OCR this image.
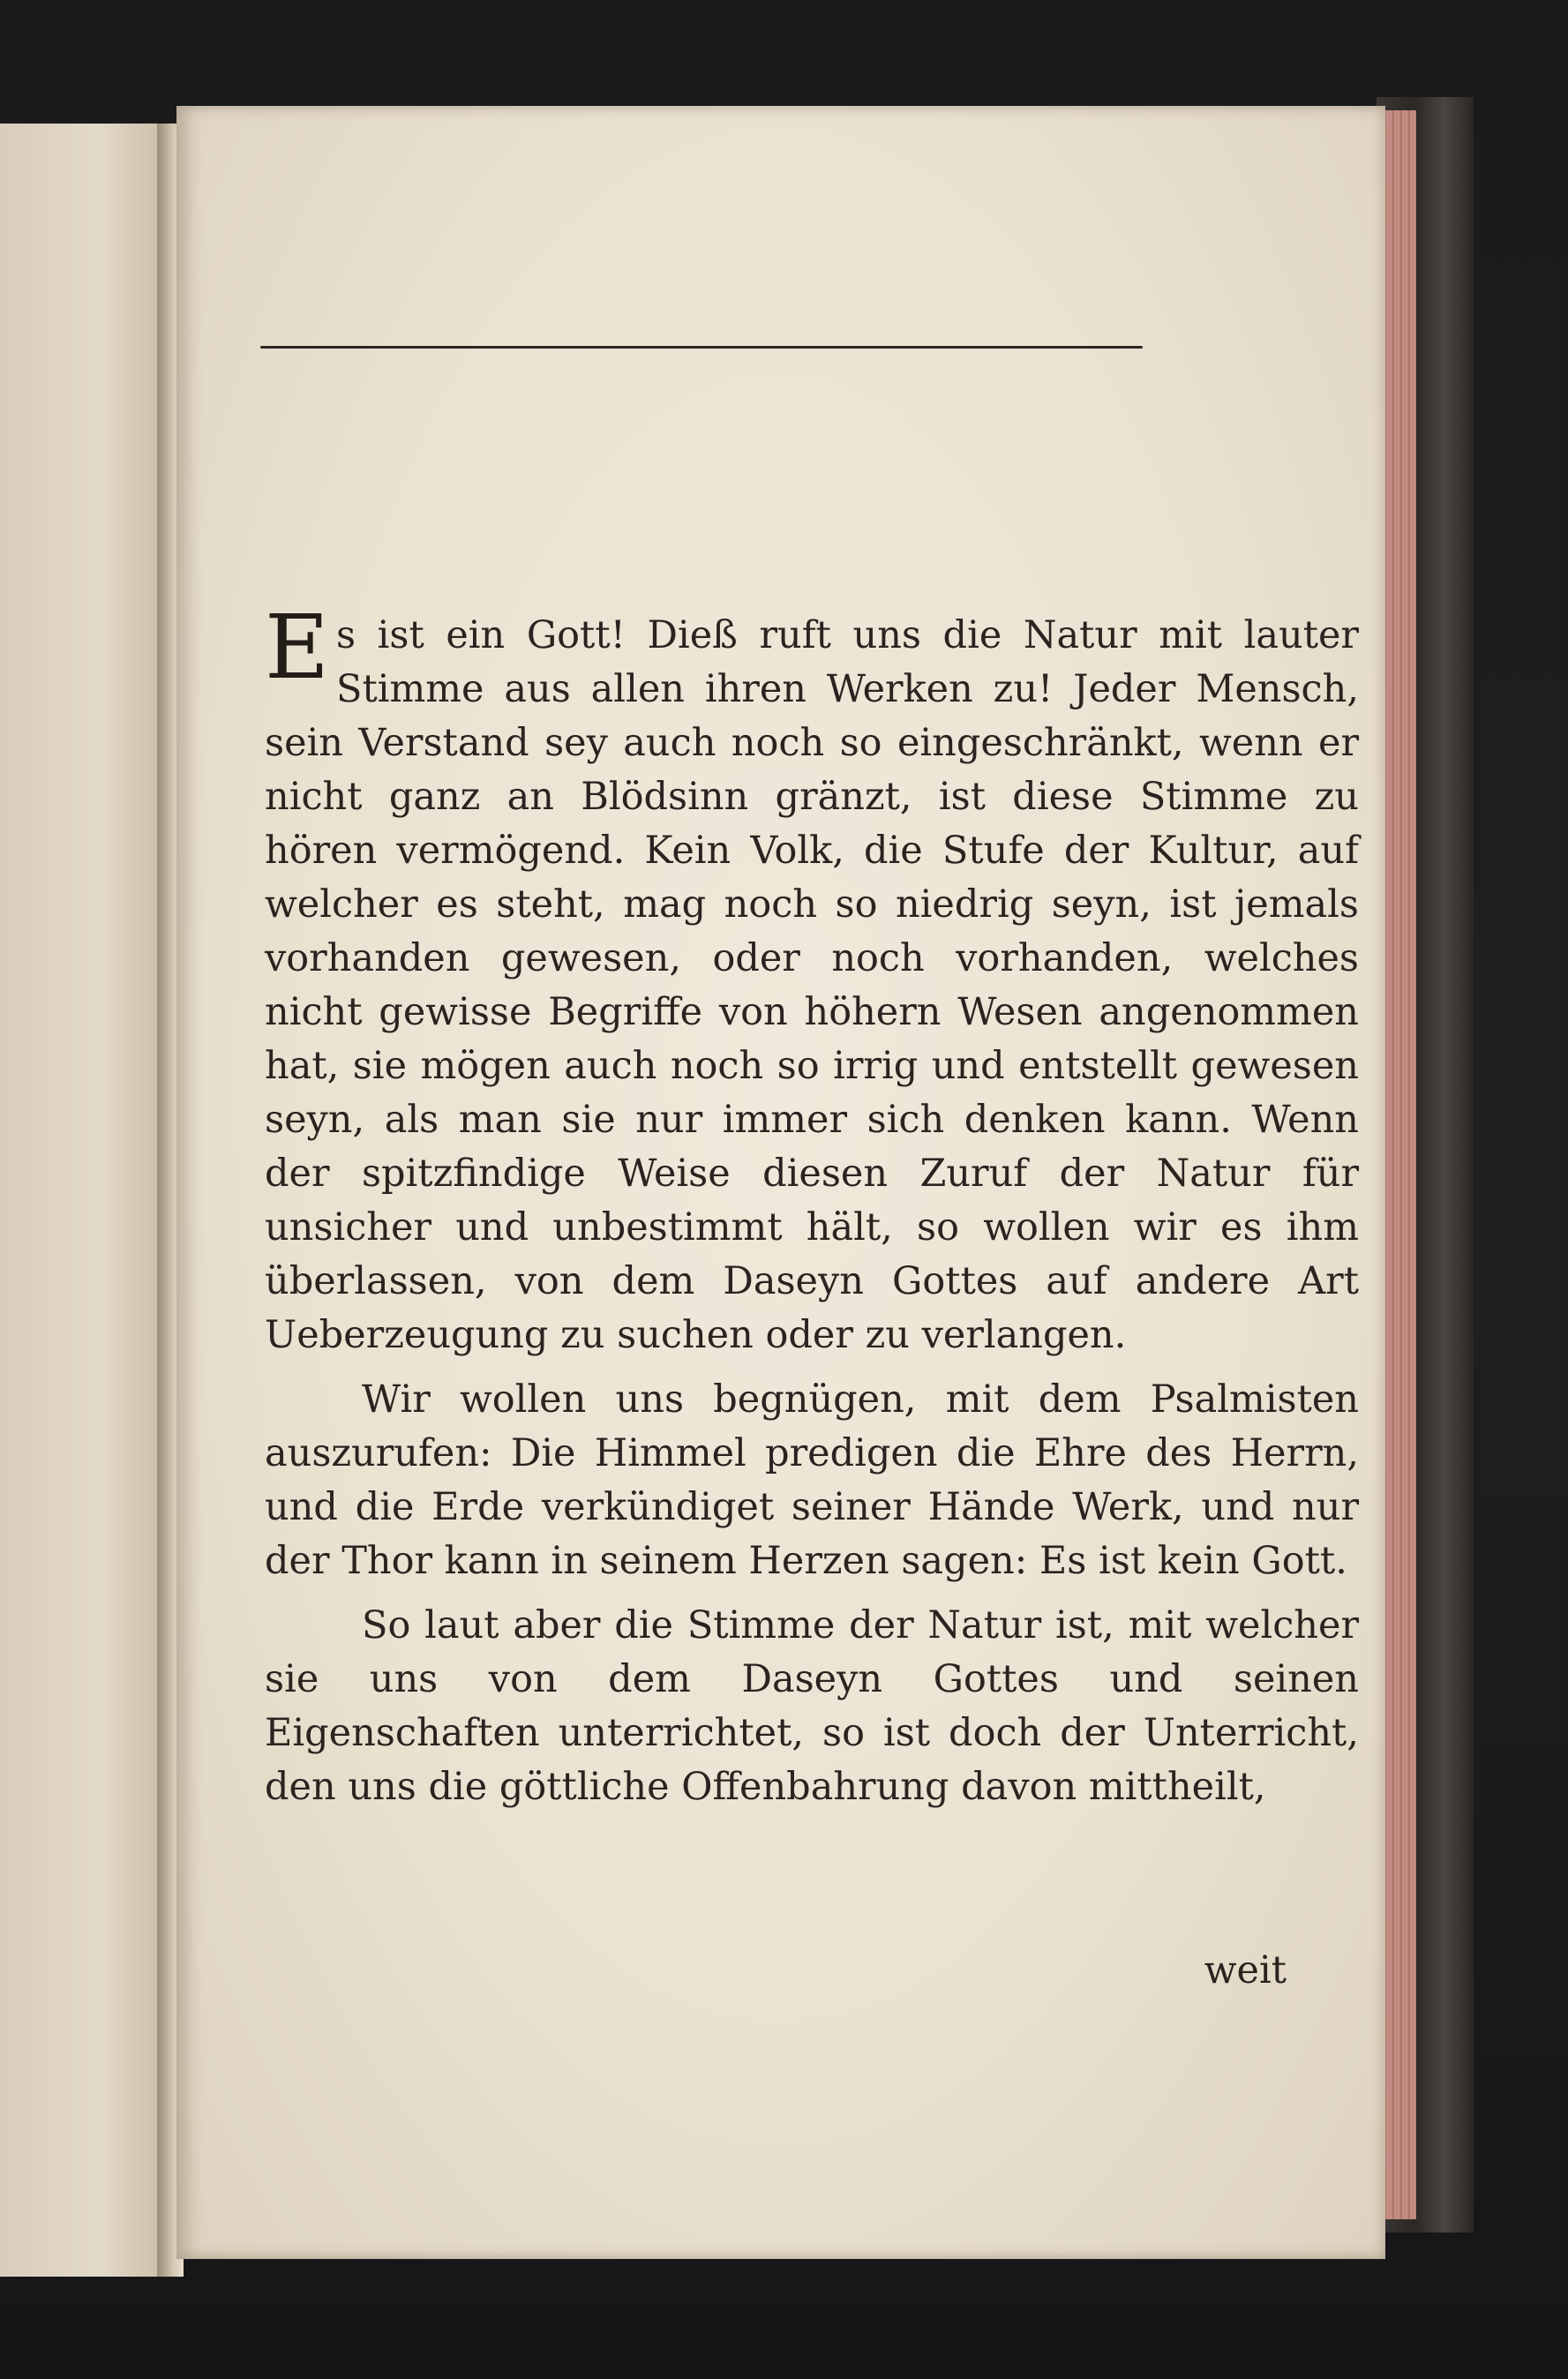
Es ist ein Gott! Dieß ruft uns die Natur mit lauter Stimme aus allen ihren Werken zu! Jeder Mensch, sein Verstand sey auch noch so eingeschränkt, wenn er nicht ganz an Blödsinn gränzt, ist diese Stimme zu hören vermögend. Kein Volk, die Stufe der Kultur, auf welcher es steht, mag noch so niedrig seyn, ist jemals vorhanden gewesen, oder noch vorhanden, welches nicht gewisse Begriffe von höhern Wesen angenommen hat, sie mögen auch noch so irrig und entstellt gewesen seyn, als man sie nur immer sich denken kann. Wenn der spitzfindige Weise diesen Zuruf der Natur für unsicher und unbestimmt hält, so wollen wir es ihm überlassen, von dem Daseyn Gottes auf andere Art Ueberzeugung zu suchen oder zu verlangen.

Wir wollen uns begnügen, mit dem Psalmisten auszurufen: Die Himmel predigen die Ehre des Herrn, und die Erde verkündiget seiner Hände Werk, und nur der Thor kann in seinem Herzen sagen: Es ist kein Gott.

So laut aber die Stimme der Natur ist, mit welcher sie uns von dem Daseyn Gottes und seinen Eigenschaften unterrichtet, so ist doch der Unterricht, den uns die göttliche Offenbahrung davon mittheilt,

weit
